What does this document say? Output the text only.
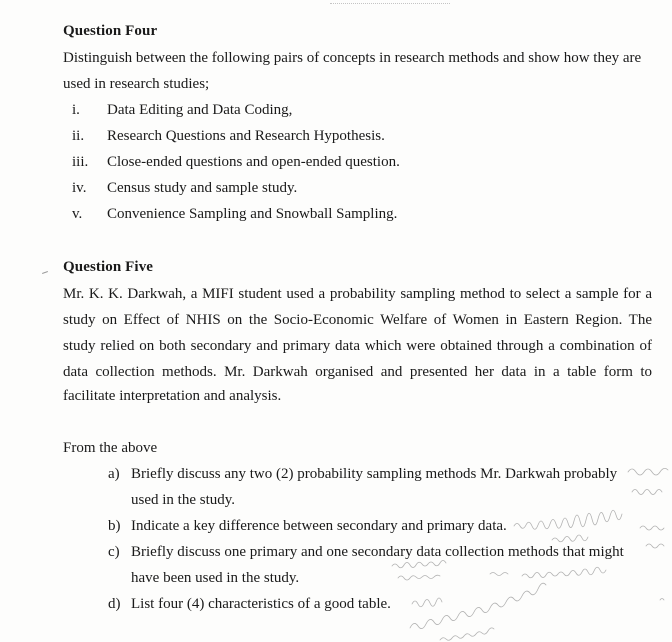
Question Four
Distinguish between the following pairs of concepts in research methods and show how they are
used in research studies;
i.	Data Editing and Data Coding,
ii.	Research Questions and Research Hypothesis.
iii.	Close-ended questions and open-ended question.
iv.	Census study and sample study.
v.	Convenience Sampling and Snowball Sampling.
Question Five
Mr. K. K. Darkwah, a MIFI student used a probability sampling method to select a sample for a
study on Effect of NHIS on the Socio-Economic Welfare of Women in Eastern Region. The
study relied on both secondary and primary data which were obtained through a combination of
data collection methods. Mr. Darkwah organised and presented her data in a table form to
facilitate interpretation and analysis.
From the above
a) Briefly discuss any two (2) probability sampling methods Mr. Darkwah probably
used in the study.
b) Indicate a key difference between secondary and primary data.
c) Briefly discuss one primary and one secondary data collection methods that might
have been used in the study.
d) List four (4) characteristics of a good table.
